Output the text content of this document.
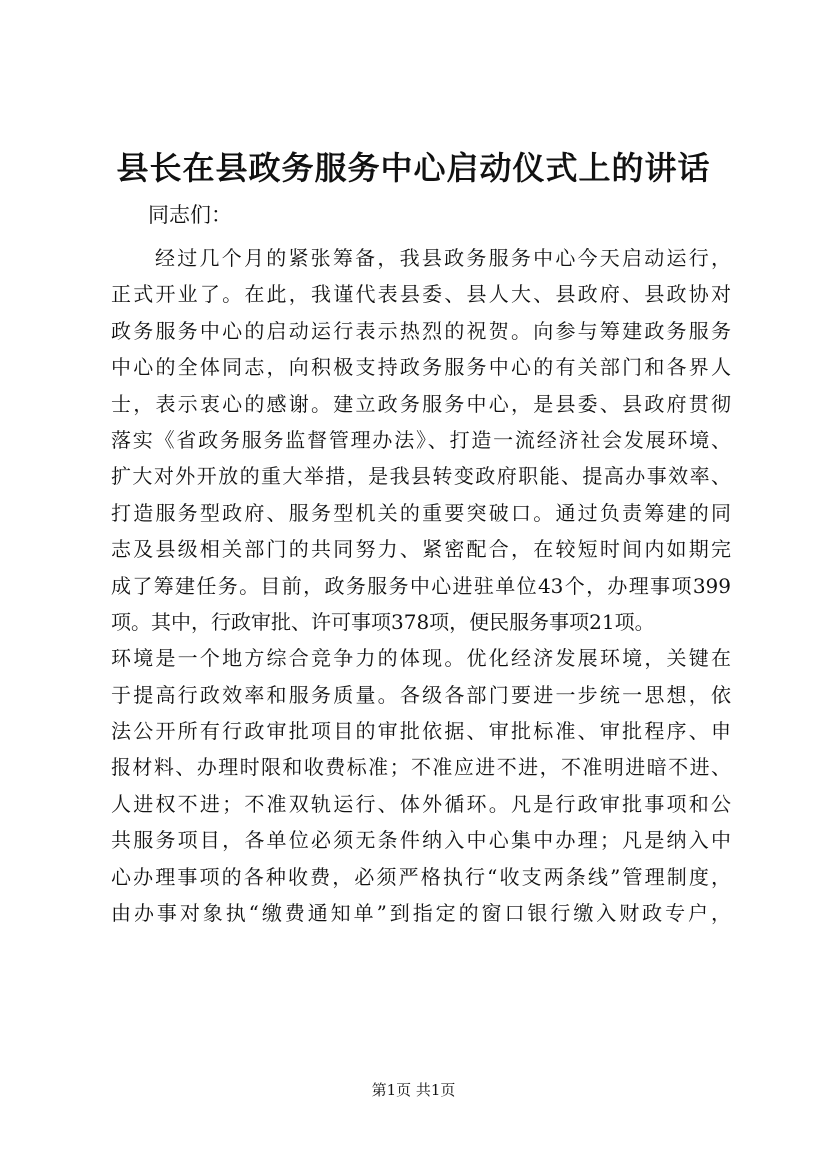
县长在县政务服务中心启动仪式上的讲话
同志们：
经过几个月的紧张筹备，我县政务服务中心今天启动运行，
正式开业了。在此，我谨代表县委、县人大、县政府、县政协对
政务服务中心的启动运行表示热烈的祝贺。向参与筹建政务服务
中心的全体同志，向积极支持政务服务中心的有关部门和各界人
士，表示衷心的感谢。建立政务服务中心，是县委、县政府贯彻
落实《省政务服务监督管理办法》、打造一流经济社会发展环境、
扩大对外开放的重大举措，是我县转变政府职能、提高办事效率、
打造服务型政府、服务型机关的重要突破口。通过负责筹建的同
志及县级相关部门的共同努力、紧密配合，在较短时间内如期完
成了筹建任务。目前，政务服务中心进驻单位43个，办理事项399
项。其中，行政审批、许可事项378项，便民服务事项21项。
环境是一个地方综合竞争力的体现。优化经济发展环境，关键在
于提高行政效率和服务质量。各级各部门要进一步统一思想，依
法公开所有行政审批项目的审批依据、审批标准、审批程序、申
报材料、办理时限和收费标准；不准应进不进，不准明进暗不进、
人进权不进；不准双轨运行、体外循环。凡是行政审批事项和公
共服务项目，各单位必须无条件纳入中心集中办理；凡是纳入中
心办理事项的各种收费，必须严格执行“收支两条线”管理制度，
由办事对象执“缴费通知单”到指定的窗口银行缴入财政专户，
第1页 共1页
